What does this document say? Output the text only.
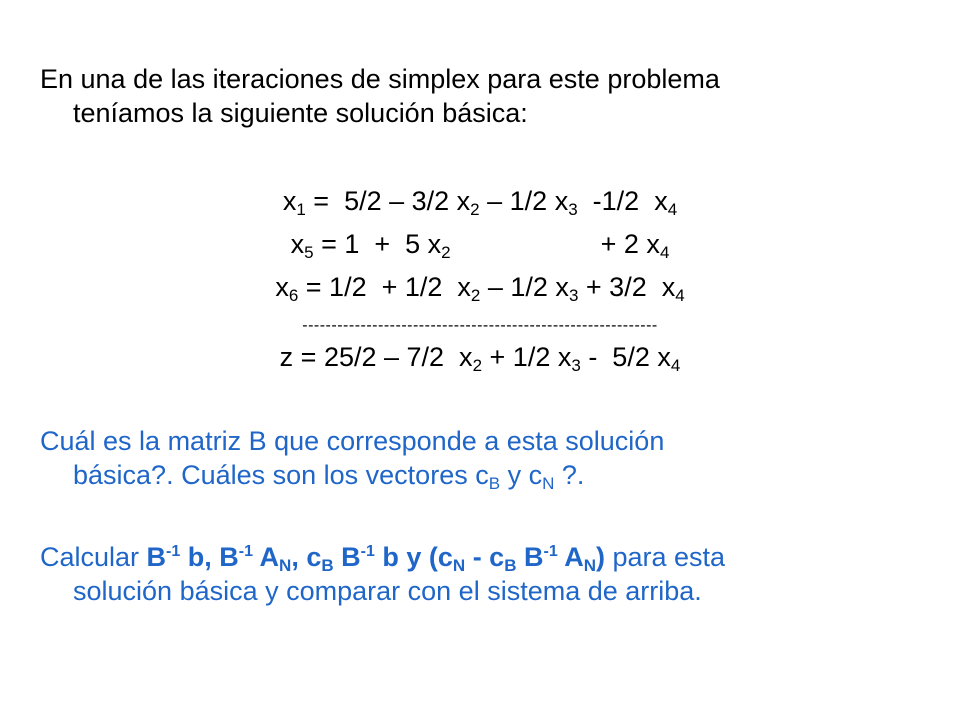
En una de las iteraciones de simplex para este problema
teníamos la siguiente solución básica:
$x_1 = 5/2 - 3/2$ $x_2 - 1/2$ $x_3$  -1/2  $x_4$
$x_5 = 1 + 5$ $x_2$                    + 2 $x_4$
$x_6 = 1/2 + 1/2$  $x_2 - 1/2$ $x_3 + 3/2$  $x_4$
-------------------------------------------------------------
z = 25/2 – 7/2  $x_2 + 1/2$ $x_3 - 5/2$ $x_4$
Cuál es la matriz B que corresponde a esta solución
básica?. Cuáles son los vectores $c_B$ y $c_N$ ?.
Calcular $B^{-1}$ b, $B^{-1}$ $A_N$, $c_B$ $B^{-1}$ b y ($c_N - c_B$ $B^{-1}$ $A_N$) para esta
solución básica y comparar con el sistema de arriba.
